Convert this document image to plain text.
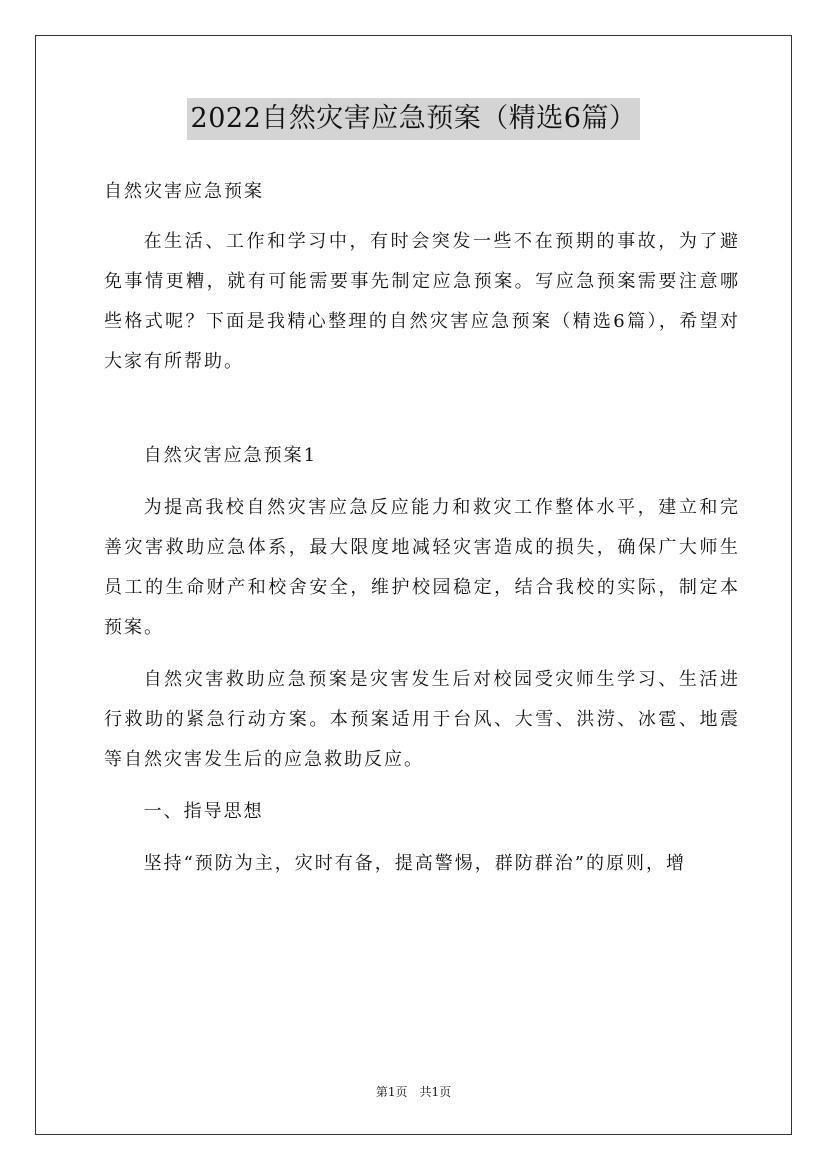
2022自然灾害应急预案（精选6篇）

自然灾害应急预案

在生活、工作和学习中，有时会突发一些不在预期的事故，为了避免事情更糟，就有可能需要事先制定应急预案。写应急预案需要注意哪些格式呢？下面是我精心整理的自然灾害应急预案（精选6篇），希望对大家有所帮助。

自然灾害应急预案1

为提高我校自然灾害应急反应能力和救灾工作整体水平，建立和完善灾害救助应急体系，最大限度地减轻灾害造成的损失，确保广大师生员工的生命财产和校舍安全，维护校园稳定，结合我校的实际，制定本预案。

自然灾害救助应急预案是灾害发生后对校园受灾师生学习、生活进行救助的紧急行动方案。本预案适用于台风、大雪、洪涝、冰雹、地震等自然灾害发生后的应急救助反应。

一、指导思想

坚持“预防为主，灾时有备，提高警惕，群防群治”的原则，增

第1页 共1页
